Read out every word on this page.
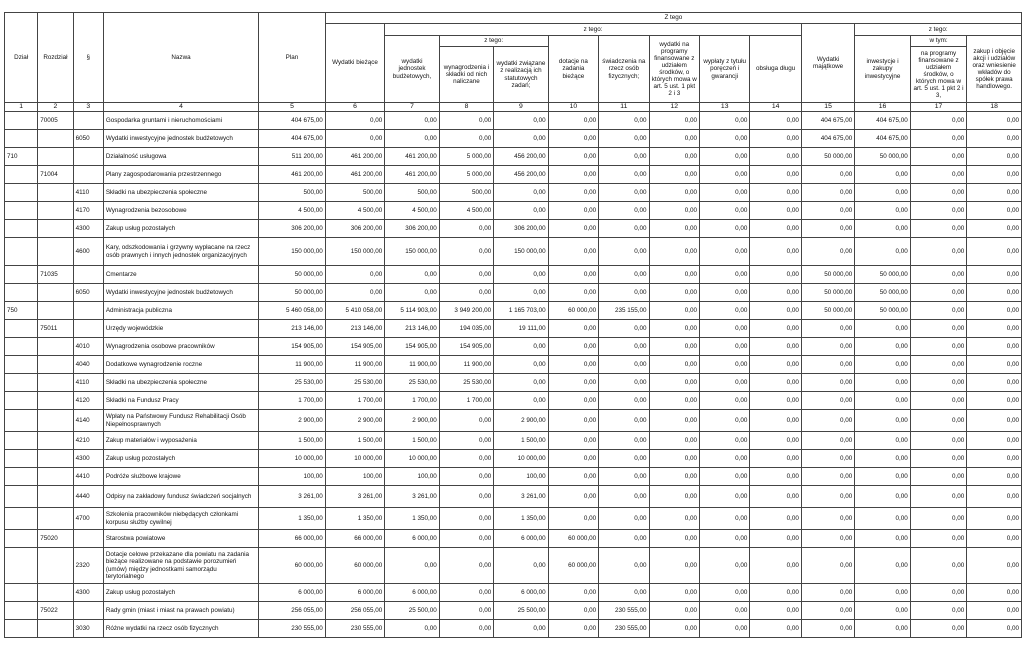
Dział	Rozdział	§	Nazwa	Plan	Z tego												
					Wydatki bieżące	z tego:								Wydatki majątkowe	z tego:		
						wydatki jednostek budżetowych,	z tego:		dotacje na zadania bieżące	świadczenia na rzecz osób fizycznych;	wydatki na programy finansowane z udziałem środków, o których mowa w art. 5 ust. 1 pkt 2 i 3	wypłaty z tytułu poręczeń i gwarancji	obsługa długu		inwestycje i zakupy inwestycyjne	w tym:	zakup i objęcie akcji i udziałów oraz wniesienie wkładów do spółek prawa handlowego.
							wynagrodzenia i składki od nich naliczane	wydatki związane z realizacją ich statutowych zadań;								na programy finansowane z udziałem środków, o których mowa w art. 5 ust. 1 pkt 2 i 3,	
1	2	3	4	5	6	7	8	9	10	11	12	13	14	15	16	17	18
	70005		Gospodarka gruntami i nieruchomościami	404 675,00	0,00	0,00	0,00	0,00	0,00	0,00	0,00	0,00	0,00	404 675,00	404 675,00	0,00	0,00
		6050	Wydatki inwestycyjne jednostek budżetowych	404 675,00	0,00	0,00	0,00	0,00	0,00	0,00	0,00	0,00	0,00	404 675,00	404 675,00	0,00	0,00
710			Działalność usługowa	511 200,00	461 200,00	461 200,00	5 000,00	456 200,00	0,00	0,00	0,00	0,00	0,00	50 000,00	50 000,00	0,00	0,00
	71004		Plany zagospodarowania przestrzennego	461 200,00	461 200,00	461 200,00	5 000,00	456 200,00	0,00	0,00	0,00	0,00	0,00	0,00	0,00	0,00	0,00
		4110	Składki na ubezpieczenia społeczne	500,00	500,00	500,00	500,00	0,00	0,00	0,00	0,00	0,00	0,00	0,00	0,00	0,00	0,00
		4170	Wynagrodzenia bezosobowe	4 500,00	4 500,00	4 500,00	4 500,00	0,00	0,00	0,00	0,00	0,00	0,00	0,00	0,00	0,00	0,00
		4300	Zakup usług pozostałych	306 200,00	306 200,00	306 200,00	0,00	306 200,00	0,00	0,00	0,00	0,00	0,00	0,00	0,00	0,00	0,00
		4600	Kary, odszkodowania i grzywny wypłacane na rzecz osób prawnych i innych jednostek organizacyjnych	150 000,00	150 000,00	150 000,00	0,00	150 000,00	0,00	0,00	0,00	0,00	0,00	0,00	0,00	0,00	0,00
	71035		Cmentarze	50 000,00	0,00	0,00	0,00	0,00	0,00	0,00	0,00	0,00	0,00	50 000,00	50 000,00	0,00	0,00
		6050	Wydatki inwestycyjne jednostek budżetowych	50 000,00	0,00	0,00	0,00	0,00	0,00	0,00	0,00	0,00	0,00	50 000,00	50 000,00	0,00	0,00
750			Administracja publiczna	5 460 058,00	5 410 058,00	5 114 903,00	3 949 200,00	1 165 703,00	60 000,00	235 155,00	0,00	0,00	0,00	50 000,00	50 000,00	0,00	0,00
	75011		Urzędy wojewódzkie	213 146,00	213 146,00	213 146,00	194 035,00	19 111,00	0,00	0,00	0,00	0,00	0,00	0,00	0,00	0,00	0,00
		4010	Wynagrodzenia osobowe pracowników	154 905,00	154 905,00	154 905,00	154 905,00	0,00	0,00	0,00	0,00	0,00	0,00	0,00	0,00	0,00	0,00
		4040	Dodatkowe wynagrodzenie roczne	11 900,00	11 900,00	11 900,00	11 900,00	0,00	0,00	0,00	0,00	0,00	0,00	0,00	0,00	0,00	0,00
		4110	Składki na ubezpieczenia społeczne	25 530,00	25 530,00	25 530,00	25 530,00	0,00	0,00	0,00	0,00	0,00	0,00	0,00	0,00	0,00	0,00
		4120	Składki na Fundusz Pracy	1 700,00	1 700,00	1 700,00	1 700,00	0,00	0,00	0,00	0,00	0,00	0,00	0,00	0,00	0,00	0,00
		4140	Wpłaty na Państwowy Fundusz Rehabilitacji Osób Niepełnosprawnych	2 900,00	2 900,00	2 900,00	0,00	2 900,00	0,00	0,00	0,00	0,00	0,00	0,00	0,00	0,00	0,00
		4210	Zakup materiałów i wyposażenia	1 500,00	1 500,00	1 500,00	0,00	1 500,00	0,00	0,00	0,00	0,00	0,00	0,00	0,00	0,00	0,00
		4300	Zakup usług pozostałych	10 000,00	10 000,00	10 000,00	0,00	10 000,00	0,00	0,00	0,00	0,00	0,00	0,00	0,00	0,00	0,00
		4410	Podróże służbowe krajowe	100,00	100,00	100,00	0,00	100,00	0,00	0,00	0,00	0,00	0,00	0,00	0,00	0,00	0,00
		4440	Odpisy na zakładowy fundusz świadczeń socjalnych	3 261,00	3 261,00	3 261,00	0,00	3 261,00	0,00	0,00	0,00	0,00	0,00	0,00	0,00	0,00	0,00
		4700	Szkolenia pracowników niebędących członkami korpusu służby cywilnej	1 350,00	1 350,00	1 350,00	0,00	1 350,00	0,00	0,00	0,00	0,00	0,00	0,00	0,00	0,00	0,00
	75020		Starostwa powiatowe	66 000,00	66 000,00	6 000,00	0,00	6 000,00	60 000,00	0,00	0,00	0,00	0,00	0,00	0,00	0,00	0,00
		2320	Dotacje celowe przekazane dla powiatu na zadania bieżące realizowane na podstawie porozumień (umów) między jednostkami samorządu terytorialnego	60 000,00	60 000,00	0,00	0,00	0,00	60 000,00	0,00	0,00	0,00	0,00	0,00	0,00	0,00	0,00
		4300	Zakup usług pozostałych	6 000,00	6 000,00	6 000,00	0,00	6 000,00	0,00	0,00	0,00	0,00	0,00	0,00	0,00	0,00	0,00
	75022		Rady gmin (miast i miast na prawach powiatu)	256 055,00	256 055,00	25 500,00	0,00	25 500,00	0,00	230 555,00	0,00	0,00	0,00	0,00	0,00	0,00	0,00
		3030	Różne wydatki na rzecz osób fizycznych	230 555,00	230 555,00	0,00	0,00	0,00	0,00	230 555,00	0,00	0,00	0,00	0,00	0,00	0,00	0,00
